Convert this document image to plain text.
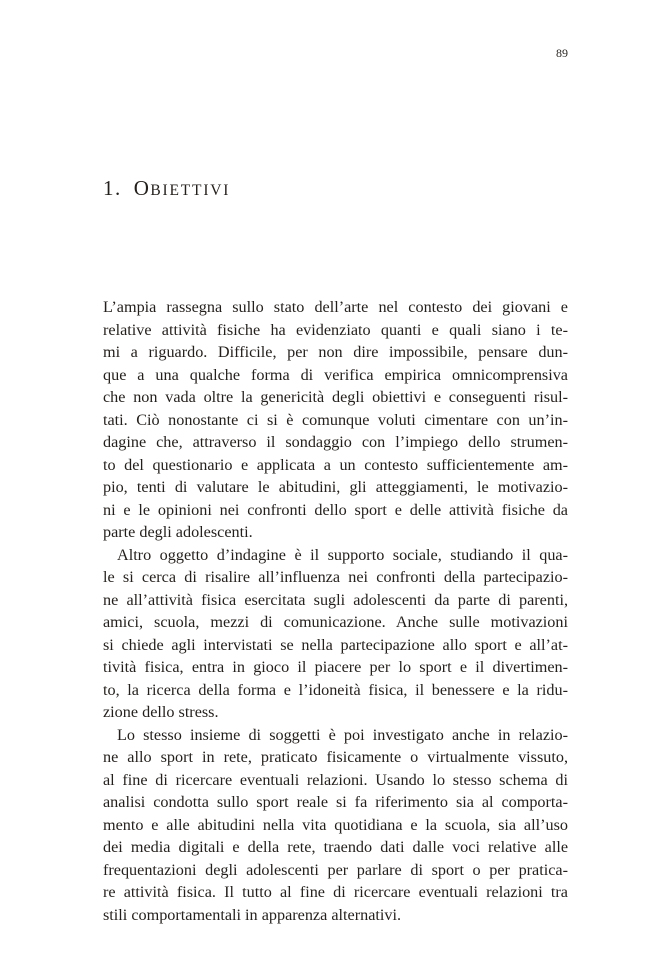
89
1. OBIETTIVI
L’ampia rassegna sullo stato dell’arte nel contesto dei giovani e
relative attività fisiche ha evidenziato quanti e quali siano i te-
mi a riguardo. Difficile, per non dire impossibile, pensare dun-
que a una qualche forma di verifica empirica omnicomprensiva
che non vada oltre la genericità degli obiettivi e conseguenti risul-
tati. Ciò nonostante ci si è comunque voluti cimentare con un’in-
dagine che, attraverso il sondaggio con l’impiego dello strumen-
to del questionario e applicata a un contesto sufficientemente am-
pio, tenti di valutare le abitudini, gli atteggiamenti, le motivazio-
ni e le opinioni nei confronti dello sport e delle attività fisiche da
parte degli adolescenti.
Altro oggetto d’indagine è il supporto sociale, studiando il qua-
le si cerca di risalire all’influenza nei confronti della partecipazio-
ne all’attività fisica esercitata sugli adolescenti da parte di parenti,
amici, scuola, mezzi di comunicazione. Anche sulle motivazioni
si chiede agli intervistati se nella partecipazione allo sport e all’at-
tività fisica, entra in gioco il piacere per lo sport e il divertimen-
to, la ricerca della forma e l’idoneità fisica, il benessere e la ridu-
zione dello stress.
Lo stesso insieme di soggetti è poi investigato anche in relazio-
ne allo sport in rete, praticato fisicamente o virtualmente vissuto,
al fine di ricercare eventuali relazioni. Usando lo stesso schema di
analisi condotta sullo sport reale si fa riferimento sia al comporta-
mento e alle abitudini nella vita quotidiana e la scuola, sia all’uso
dei media digitali e della rete, traendo dati dalle voci relative alle
frequentazioni degli adolescenti per parlare di sport o per pratica-
re attività fisica. Il tutto al fine di ricercare eventuali relazioni tra
stili comportamentali in apparenza alternativi.
